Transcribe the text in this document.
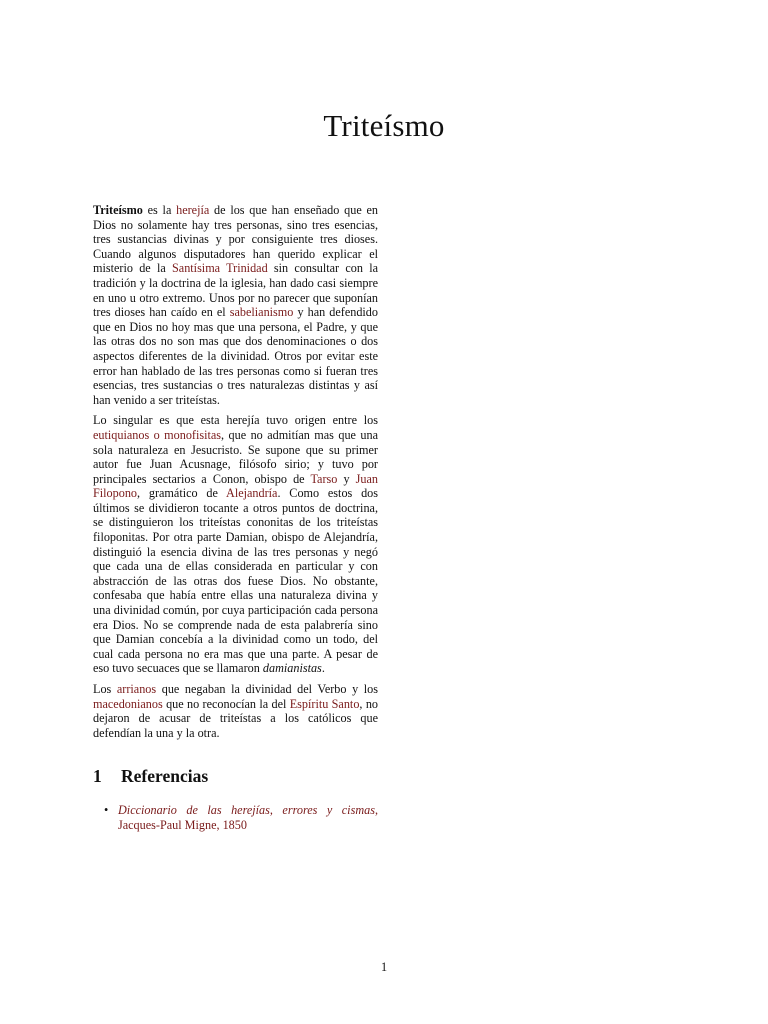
Triteísmo

Triteísmo es la herejía de los que han enseñado que en Dios no solamente hay tres personas, sino tres esencias, tres sustancias divinas y por consiguiente tres dioses. Cuando algunos disputadores han querido explicar el misterio de la Santísima Trinidad sin consultar con la tradición y la doctrina de la iglesia, han dado casi siempre en uno u otro extremo. Unos por no parecer que suponían tres dioses han caído en el sabelianismo y han defendido que en Dios no hoy mas que una persona, el Padre, y que las otras dos no son mas que dos denominaciones o dos aspectos diferentes de la divinidad. Otros por evitar este error han hablado de las tres personas como si fueran tres esencias, tres sustancias o tres naturalezas distintas y así han venido a ser triteístas.

Lo singular es que esta herejía tuvo origen entre los eutiquianos o monofisitas, que no admitían mas que una sola naturaleza en Jesucristo. Se supone que su primer autor fue Juan Acusnage, filósofo sirio; y tuvo por principales sectarios a Conon, obispo de Tarso y Juan Filopono, gramático de Alejandría. Como estos dos últimos se dividieron tocante a otros puntos de doctrina, se distinguieron los triteístas cononitas de los triteístas filoponitas. Por otra parte Damian, obispo de Alejandría, distinguió la esencia divina de las tres personas y negó que cada una de ellas considerada en particular y con abstracción de las otras dos fuese Dios. No obstante, confesaba que había entre ellas una naturaleza divina y una divinidad común, por cuya participación cada persona era Dios. No se comprende nada de esta palabrería sino que Damian concebía a la divinidad como un todo, del cual cada persona no era mas que una parte. A pesar de eso tuvo secuaces que se llamaron damianistas.

Los arrianos que negaban la divinidad del Verbo y los macedonianos que no reconocían la del Espíritu Santo, no dejaron de acusar de triteístas a los católicos que defendían la una y la otra.

1 Referencias
• Diccionario de las herejías, errores y cismas, Jacques-Paul Migne, 1850
1
